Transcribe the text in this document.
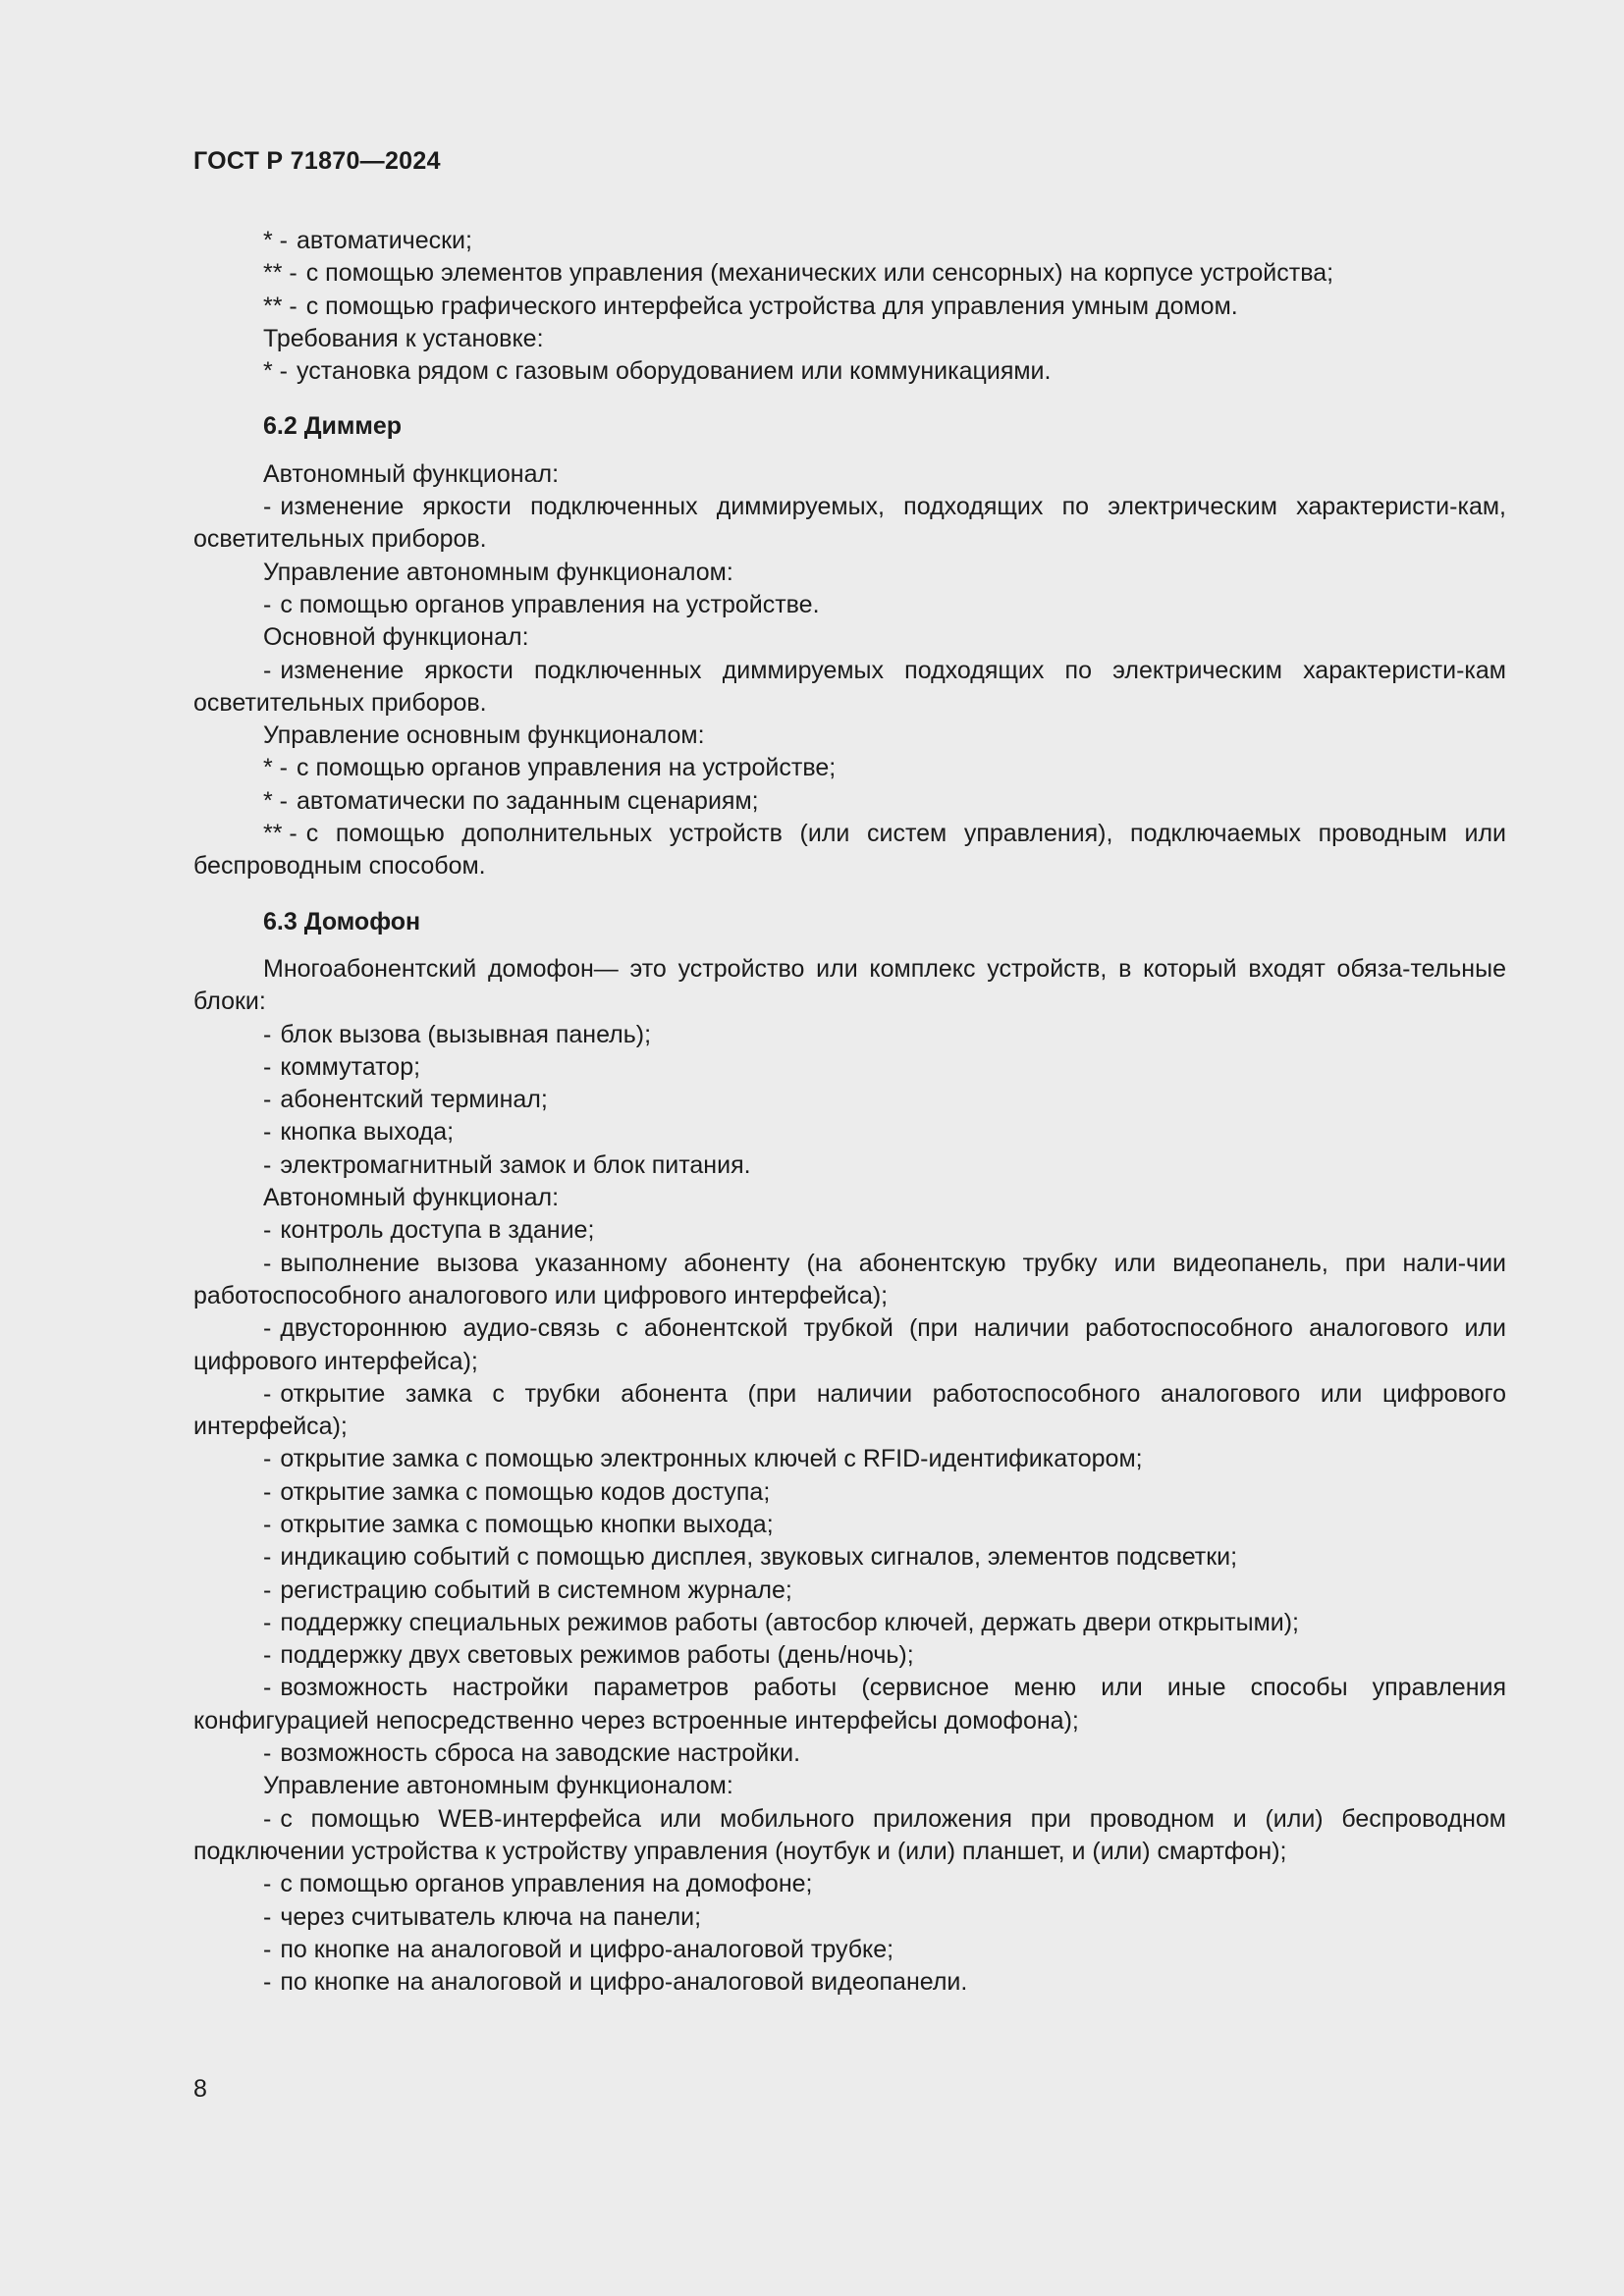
ГОСТ Р 71870—2024

* - автоматически;

** - с помощью элементов управления (механических или сенсорных) на корпусе устройства;

** - с помощью графического интерфейса устройства для управления умным домом.

Требования к установке:

* - установка рядом с газовым оборудованием или коммуникациями.

6.2 Диммер

Автономный функционал:

- изменение яркости подключенных диммируемых, подходящих по электрическим характеристи-кам, осветительных приборов.

Управление автономным функционалом:

- с помощью органов управления на устройстве.

Основной функционал:

- изменение яркости подключенных диммируемых подходящих по электрическим характеристи-кам осветительных приборов.

Управление основным функционалом:

* - с помощью органов управления на устройстве;

* - автоматически по заданным сценариям;

** - с помощью дополнительных устройств (или систем управления), подключаемых проводным или беспроводным способом.

6.3 Домофон

Многоабонентский домофон— это устройство или комплекс устройств, в который входят обяза-тельные блоки:

- блок вызова (вызывная панель);

- коммутатор;

- абонентский терминал;

- кнопка выхода;

- электромагнитный замок и блок питания.

Автономный функционал:

- контроль доступа в здание;

- выполнение вызова указанному абоненту (на абонентскую трубку или видеопанель, при нали-чии работоспособного аналогового или цифрового интерфейса);

- двустороннюю аудио-связь с абонентской трубкой (при наличии работоспособного аналогового или цифрового интерфейса);

- открытие замка с трубки абонента (при наличии работоспособного аналогового или цифрового интерфейса);

- открытие замка с помощью электронных ключей с RFID-идентификатором;

- открытие замка с помощью кодов доступа;

- открытие замка с помощью кнопки выхода;

- индикацию событий с помощью дисплея, звуковых сигналов, элементов подсветки;

- регистрацию событий в системном журнале;

- поддержку специальных режимов работы (автосбор ключей, держать двери открытыми);

- поддержку двух световых режимов работы (день/ночь);

- возможность настройки параметров работы (сервисное меню или иные способы управления конфигурацией непосредственно через встроенные интерфейсы домофона);

- возможность сброса на заводские настройки.

Управление автономным функционалом:

- с помощью WEB-интерфейса или мобильного приложения при проводном и (или) беспроводном подключении устройства к устройству управления (ноутбук и (или) планшет, и (или) смартфон);

- с помощью органов управления на домофоне;

- через считыватель ключа на панели;

- по кнопке на аналоговой и цифро-аналоговой трубке;

- по кнопке на аналоговой и цифро-аналоговой видеопанели.

8
